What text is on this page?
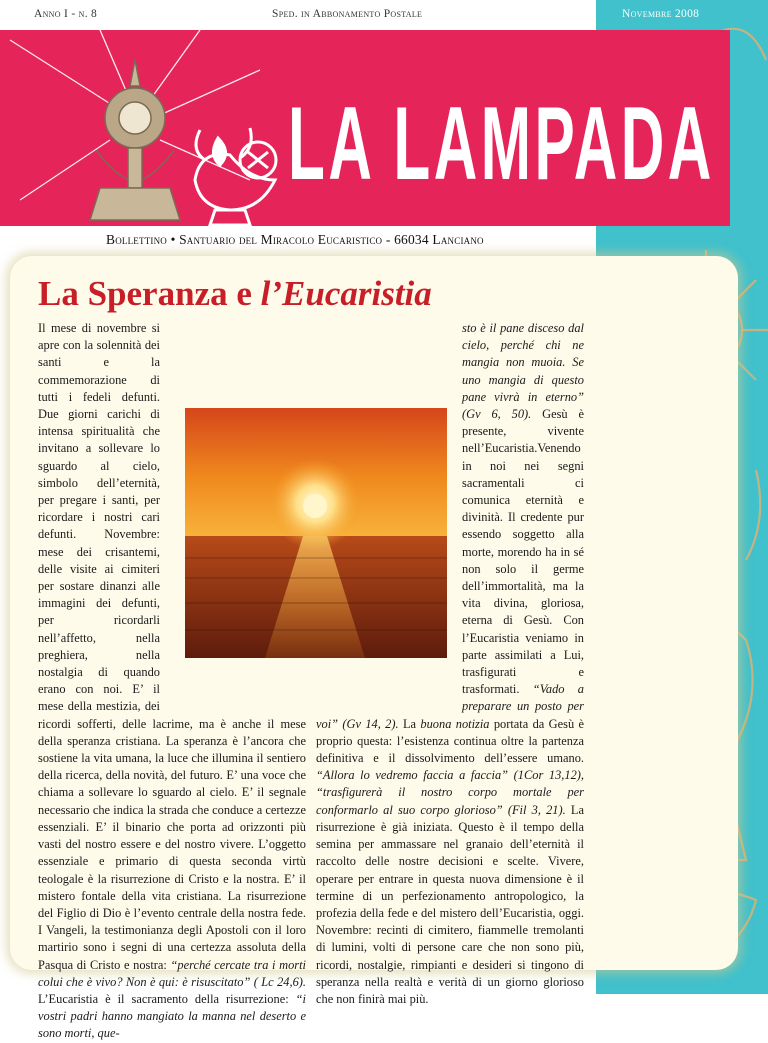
Anno I - n. 8	Sped. in Abbonamento Postale	Novembre 2008
LA LAMPADA
Bollettino • Santuario del Miracolo Eucaristico - 66034 Lanciano (Chieti)
La Speranza e l’Eucaristia

Il mese di novembre si apre con la solennità dei santi e la commemorazione di tutti i fedeli defunti. Due giorni carichi di intensa spiritualità che invitano a sollevare lo sguardo al cielo, simbolo dell’eternità, per pregare i santi, per ricordare i nostri cari defunti. Novembre: mese dei crisantemi, delle visite ai cimiteri per sostare dinanzi alle immagini dei defunti, per ricordarli nell’affetto, nella preghiera, nella nostalgia di quando erano con noi. E’ il mese della mestizia, dei ricordi sofferti, delle lacrime, ma è anche il mese della speranza cristiana. La speranza è l’ancora che sostiene la vita umana, la luce che illumina il sentiero della ricerca, della novità, del futuro. E’ una voce che chiama a sollevare lo sguardo al cielo. E’ il segnale necessario che indica la strada che conduce a certezze essenziali. E’ il binario che porta ad orizzonti più vasti del nostro essere e del nostro vivere. L’oggetto essenziale e primario di questa seconda virtù teologale è la risurrezione di Cristo e la nostra. E’ il mistero fontale della vita cristiana. La risurrezione del Figlio di Dio è l’evento centrale della nostra fede. I Vangeli, la testimonianza degli Apostoli con il loro martirio sono i segni di una certezza assoluta della Pasqua di Cristo e nostra: “perché cercate tra i morti colui che è vivo? Non è qui: è risuscitato” ( Lc 24,6). L’Eucaristia è il sacramento della risurrezione: “i vostri padri hanno mangiato la manna nel deserto e sono morti, que-

sto è il pane disceso dal cielo, perché chi ne mangia non muoia. Se uno mangia di questo pane vivrà in eterno” (Gv 6, 50). Gesù è presente, vivente nell’Eucaristia.Venendo in noi nei segni sacramentali ci comunica eternità e divinità. Il credente pur essendo soggetto alla morte, morendo ha in sé non solo il germe dell’immortalità, ma la vita divina, gloriosa, eterna di Gesù. Con l’Eucaristia veniamo in parte assimilati a Lui, trasfigurati e trasformati. “Vado a preparare un posto per voi” (Gv 14, 2). La buona notizia portata da Gesù è proprio questa: l’esistenza continua oltre la partenza definitiva e il dissolvimento dell’essere umano. “Allora lo vedremo faccia a faccia” (1Cor 13,12), “trasfigurerà il nostro corpo mortale per conformarlo al suo corpo glorioso” (Fil 3, 21). La risurrezione è già iniziata. Questo è il tempo della semina per ammassare nel granaio dell’eternità il raccolto delle nostre decisioni e scelte. Vivere, operare per entrare in questa nuova dimensione è il termine di un perfezionamento antropologico, la profezia della fede e del mistero dell’Eucaristia, oggi. Novembre: recinti di cimitero, fiammelle tremolanti di lumini, volti di persone care che non sono più, ricordi, nostalgie, rimpianti e desideri si tingono di speranza nella realtà e verità di un giorno glorioso che non finirà mai più.
